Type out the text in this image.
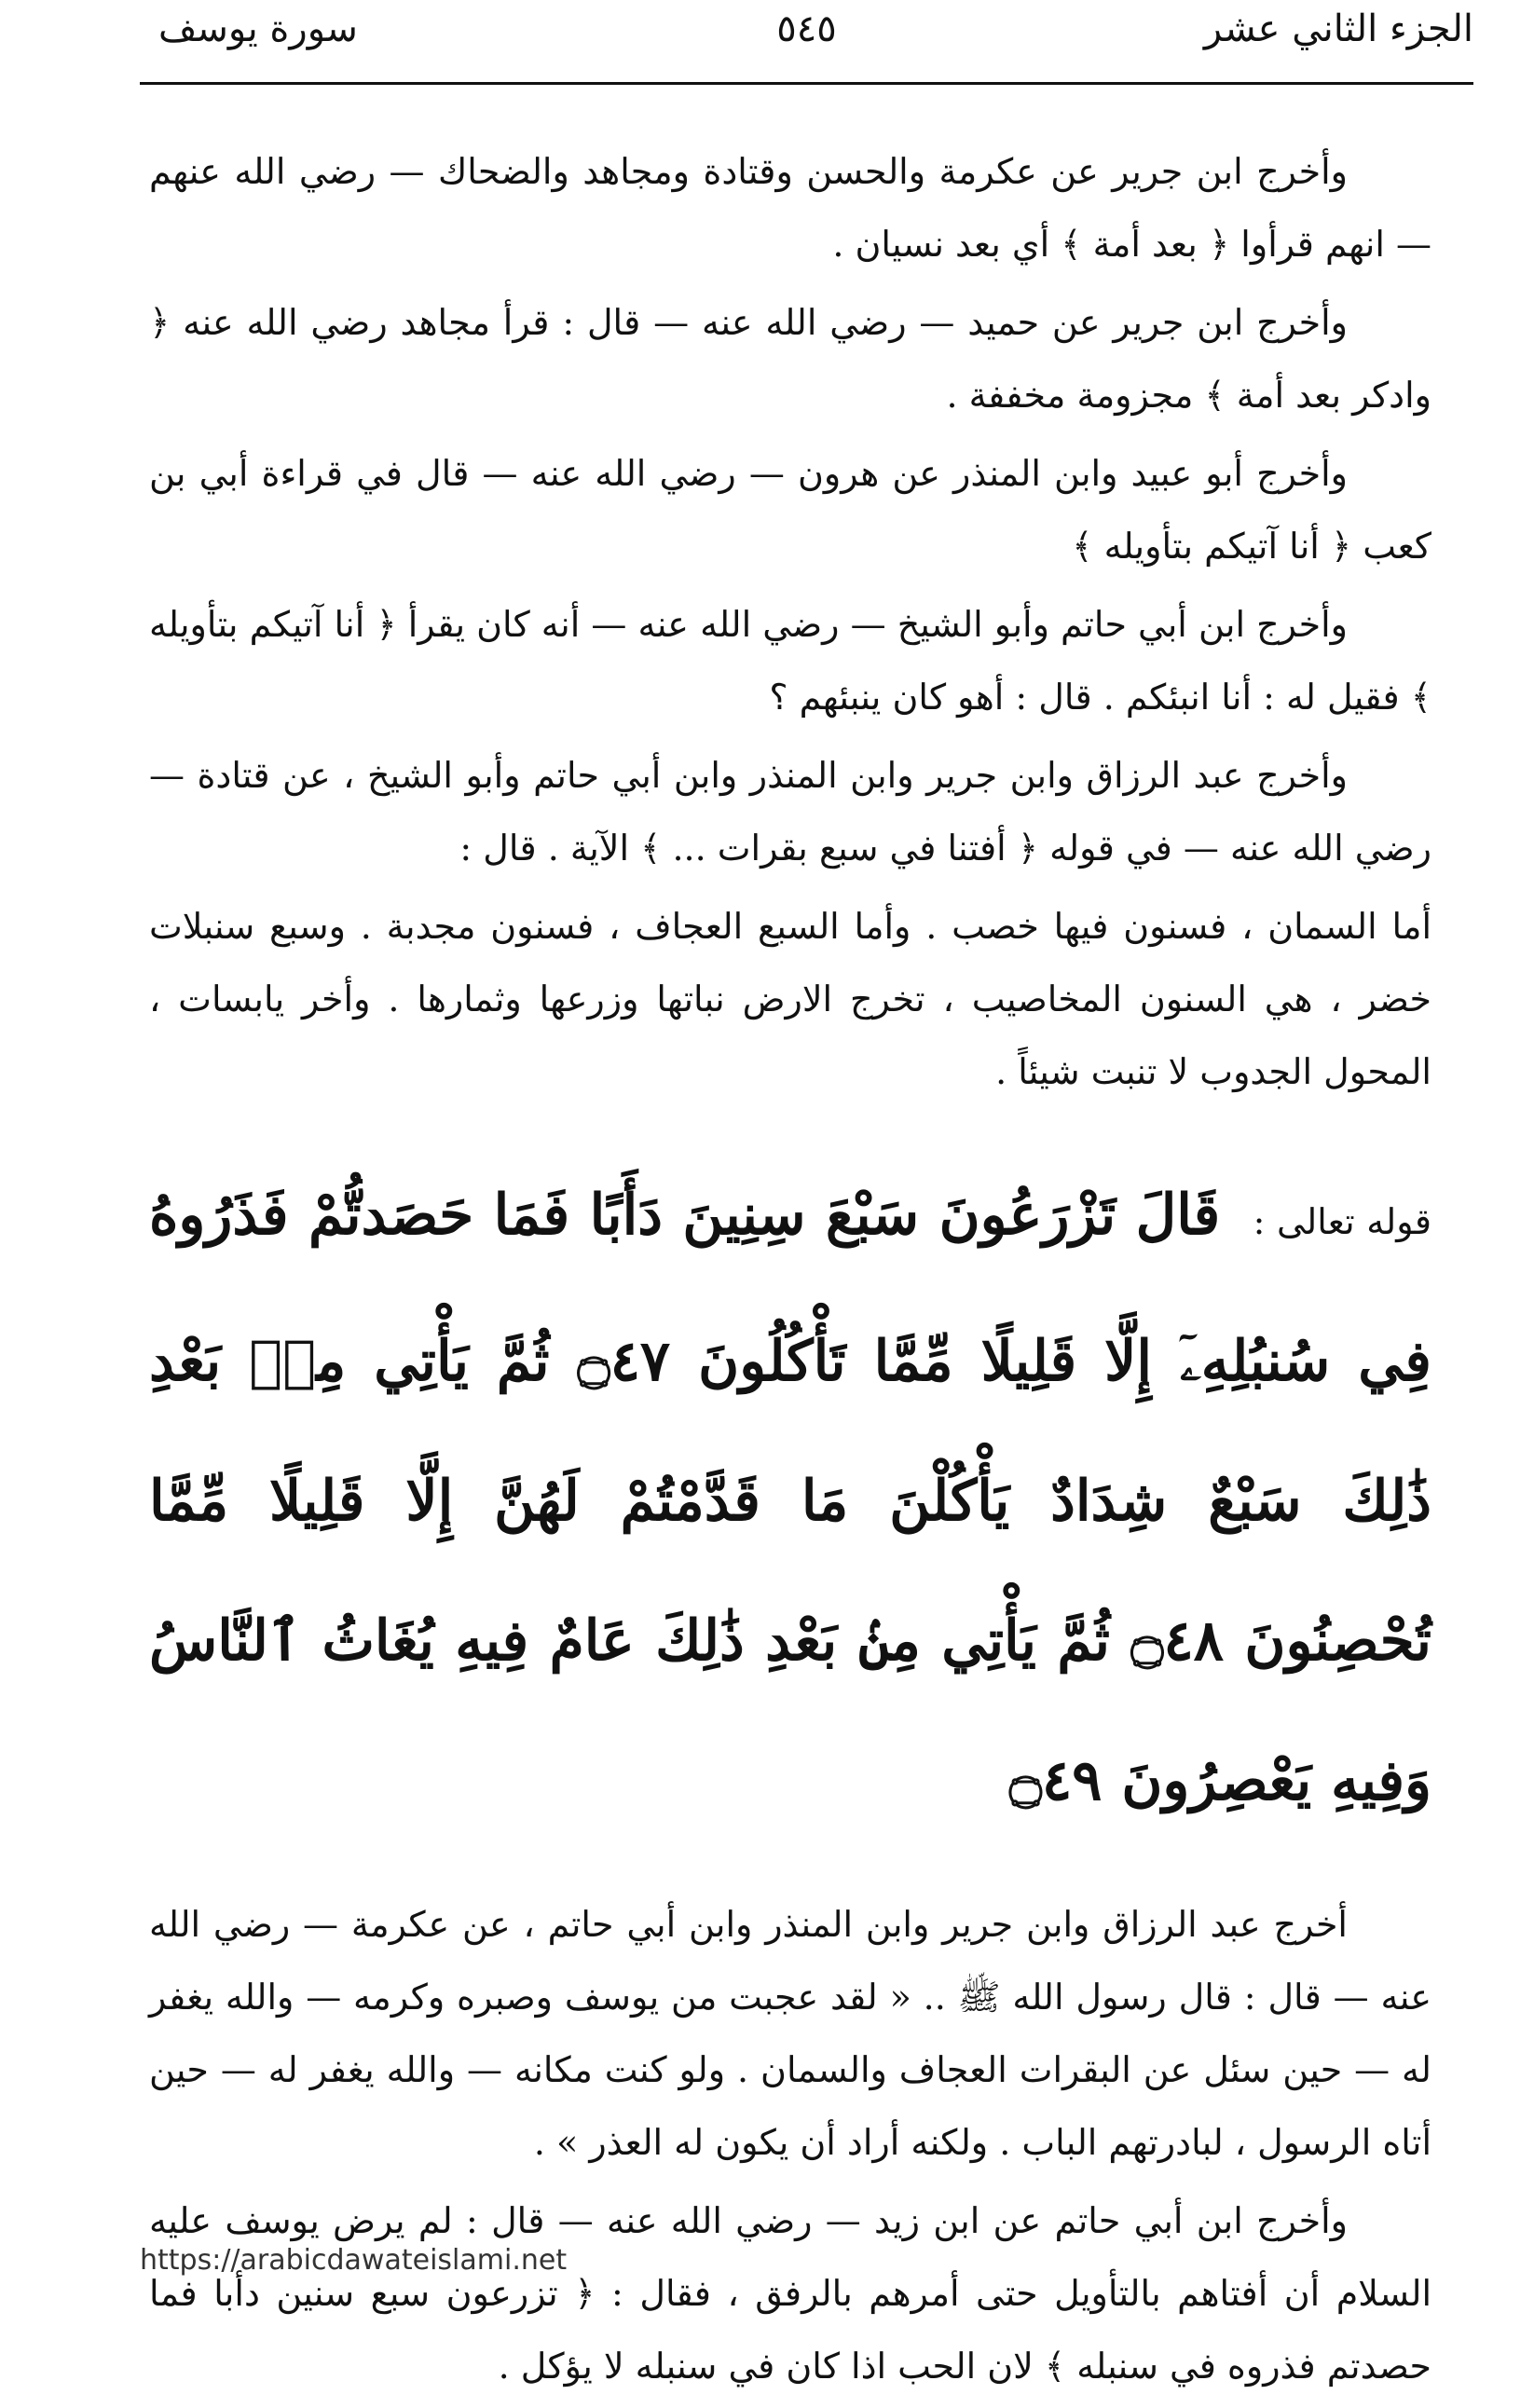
الجزء الثاني عشر
٥٤٥
سورة يوسف

وأخرج ابن جرير عن عكرمة والحسن وقتادة ومجاهد والضحاك — رضي الله عنهم — انهم قرأوا ﴿ بعد أمة ﴾ أي بعد نسيان .

وأخرج ابن جرير عن حميد — رضي الله عنه — قال : قرأ مجاهد رضي الله عنه ﴿ وادكر بعد أمة ﴾ مجزومة مخففة .

وأخرج أبو عبيد وابن المنذر عن هرون — رضي الله عنه — قال في قراءة أبي بن كعب ﴿ أنا آتيكم بتأويله ﴾

وأخرج ابن أبي حاتم وأبو الشيخ — رضي الله عنه — أنه كان يقرأ ﴿ أنا آتيكم بتأويله ﴾ فقيل له : أنا انبئكم . قال : أهو كان ينبئهم ؟

وأخرج عبد الرزاق وابن جرير وابن المنذر وابن أبي حاتم وأبو الشيخ ، عن قتادة — رضي الله عنه — في قوله ﴿ أفتنا في سبع بقرات ... ﴾ الآية . قال :

أما السمان ، فسنون فيها خصب . وأما السبع العجاف ، فسنون مجدبة . وسبع سنبلات خضر ، هي السنون المخاصيب ، تخرج الارض نباتها وزرعها وثمارها . وأخر يابسات ، المحول الجدوب لا تنبت شيئاً .

قوله تعالى : قَالَ تَزْرَعُونَ سَبْعَ سِنِينَ دَأَبًا فَمَا حَصَدتُّمْ فَذَرُوهُ فِي سُنبُلِهِۦٓ إِلَّا قَلِيلًا مِّمَّا تَأْكُلُونَ ۝٤٧ ثُمَّ يَأْتِي مِنۢ بَعْدِ ذَٰلِكَ سَبْعٌ شِدَادٌ يَأْكُلْنَ مَا قَدَّمْتُمْ لَهُنَّ إِلَّا قَلِيلًا مِّمَّا تُحْصِنُونَ ۝٤٨ ثُمَّ يَأْتِي مِنۢ بَعْدِ ذَٰلِكَ عَامٌ فِيهِ يُغَاثُ ٱلنَّاسُ وَفِيهِ يَعْصِرُونَ ۝٤٩

أخرج عبد الرزاق وابن جرير وابن المنذر وابن أبي حاتم ، عن عكرمة — رضي الله عنه — قال : قال رسول الله ﷺ .. « لقد عجبت من يوسف وصبره وكرمه — والله يغفر له — حين سئل عن البقرات العجاف والسمان . ولو كنت مكانه — والله يغفر له — حين أتاه الرسول ، لبادرتهم الباب . ولكنه أراد أن يكون له العذر » .

وأخرج ابن أبي حاتم عن ابن زيد — رضي الله عنه — قال : لم يرض يوسف عليه السلام أن أفتاهم بالتأويل حتى أمرهم بالرفق ، فقال : ﴿ تزرعون سبع سنين دأبا فما حصدتم فذروه في سنبله ﴾ لان الحب اذا كان في سنبله لا يؤكل .

https://arabicdawateislami.net
